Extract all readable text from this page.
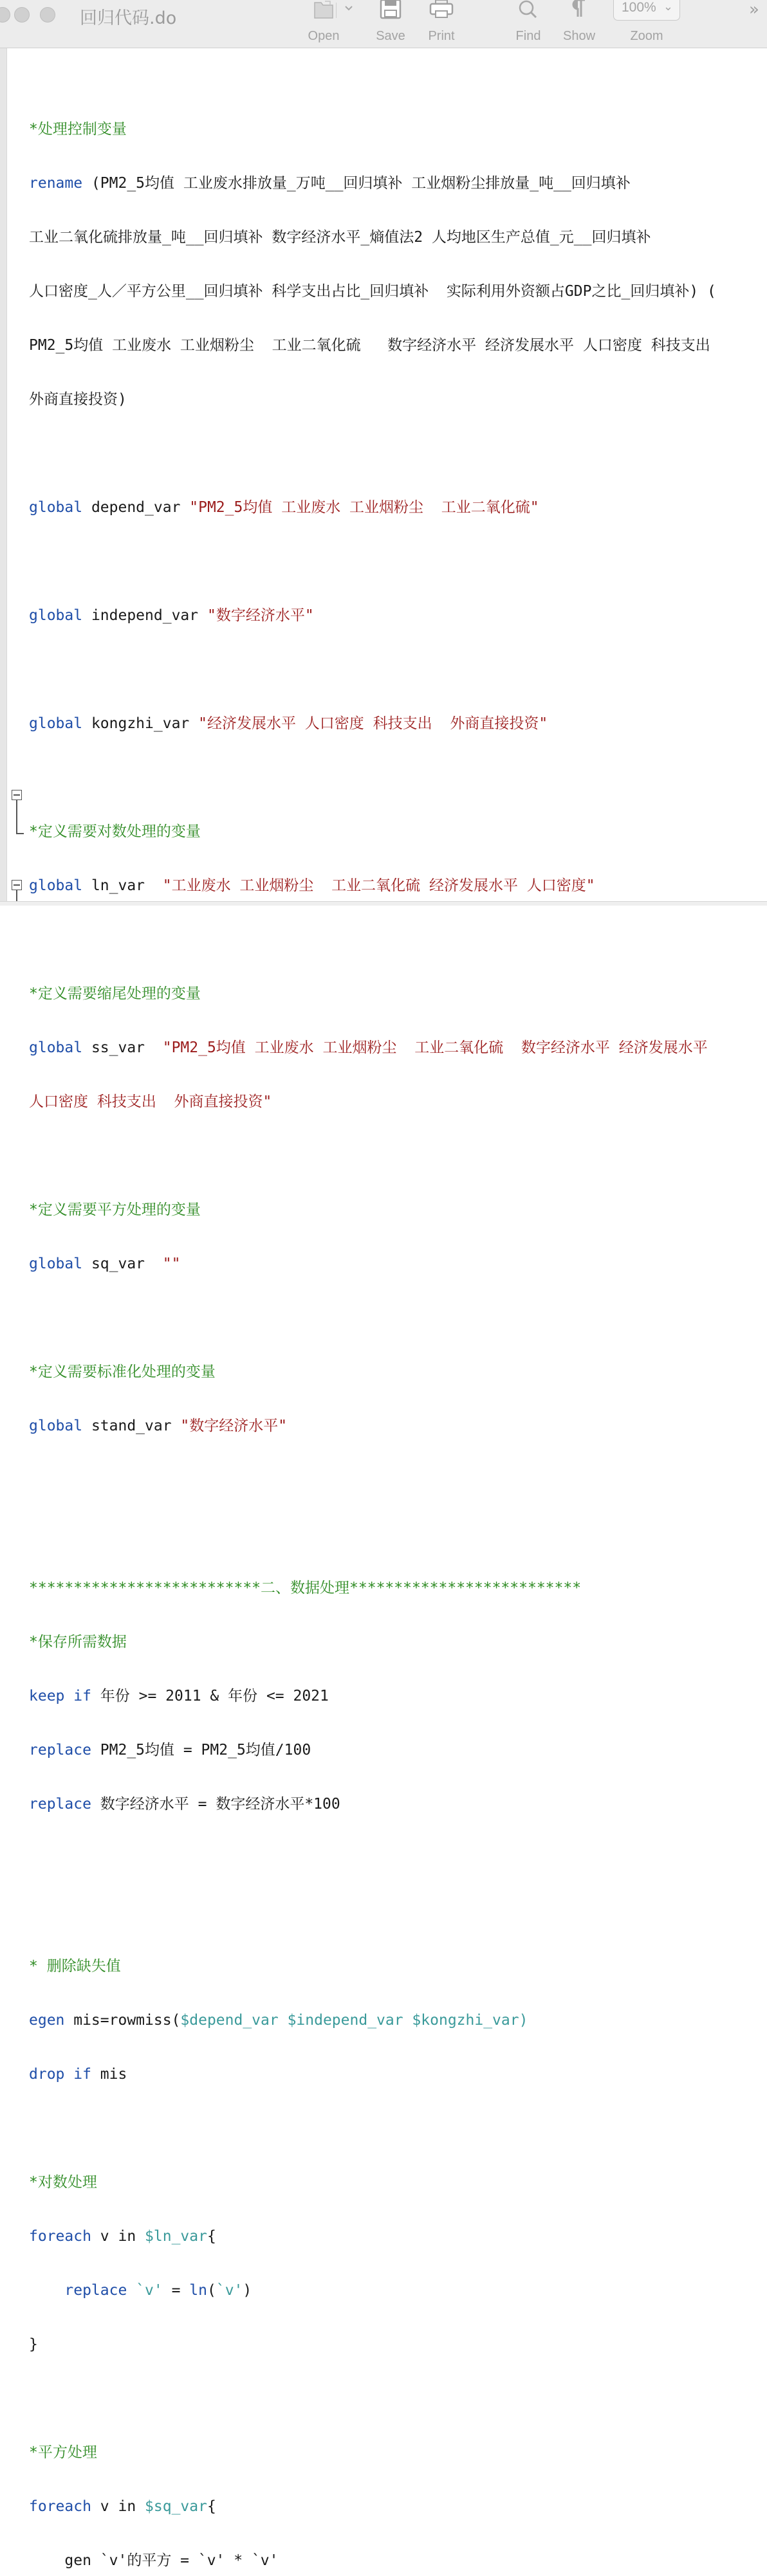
回归代码.do
Open	Save	Print	Find	Show
100% ⌄
Zoom
»

*处理控制变量

rename (PM2_5均值 工业废水排放量_万吨__回归填补 工业烟粉尘排放量_吨__回归填补

工业二氧化硫排放量_吨__回归填补 数字经济水平_熵值法2 人均地区生产总值_元__回归填补

人口密度_人／平方公里__回归填补 科学支出占比_回归填补  实际利用外资额占GDP之比_回归填补) (

PM2_5均值 工业废水 工业烟粉尘  工业二氧化硫   数字经济水平 经济发展水平 人口密度 科技支出

外商直接投资)

global depend_var "PM2_5均值 工业废水 工业烟粉尘  工业二氧化硫"

global independ_var "数字经济水平"

global kongzhi_var "经济发展水平 人口密度 科技支出  外商直接投资"

*定义需要对数处理的变量

global ln_var  "工业废水 工业烟粉尘  工业二氧化硫 经济发展水平 人口密度"

*定义需要缩尾处理的变量

global ss_var  "PM2_5均值 工业废水 工业烟粉尘  工业二氧化硫  数字经济水平 经济发展水平

人口密度 科技支出  外商直接投资"

*定义需要平方处理的变量

global sq_var  ""

*定义需要标准化处理的变量

global stand_var "数字经济水平"

**************************二、数据处理**************************

*保存所需数据

keep if 年份 >= 2011 & 年份 <= 2021

replace PM2_5均值 = PM2_5均值/100

replace 数字经济水平 = 数字经济水平*100

* 删除缺失值

egen mis=rowmiss($depend_var $independ_var $kongzhi_var)

drop if mis

*对数处理

foreach v in $ln_var{

replace `v' = ln(`v')

}

*平方处理

foreach v in $sq_var{

gen `v'的平方 = `v' * `v'
